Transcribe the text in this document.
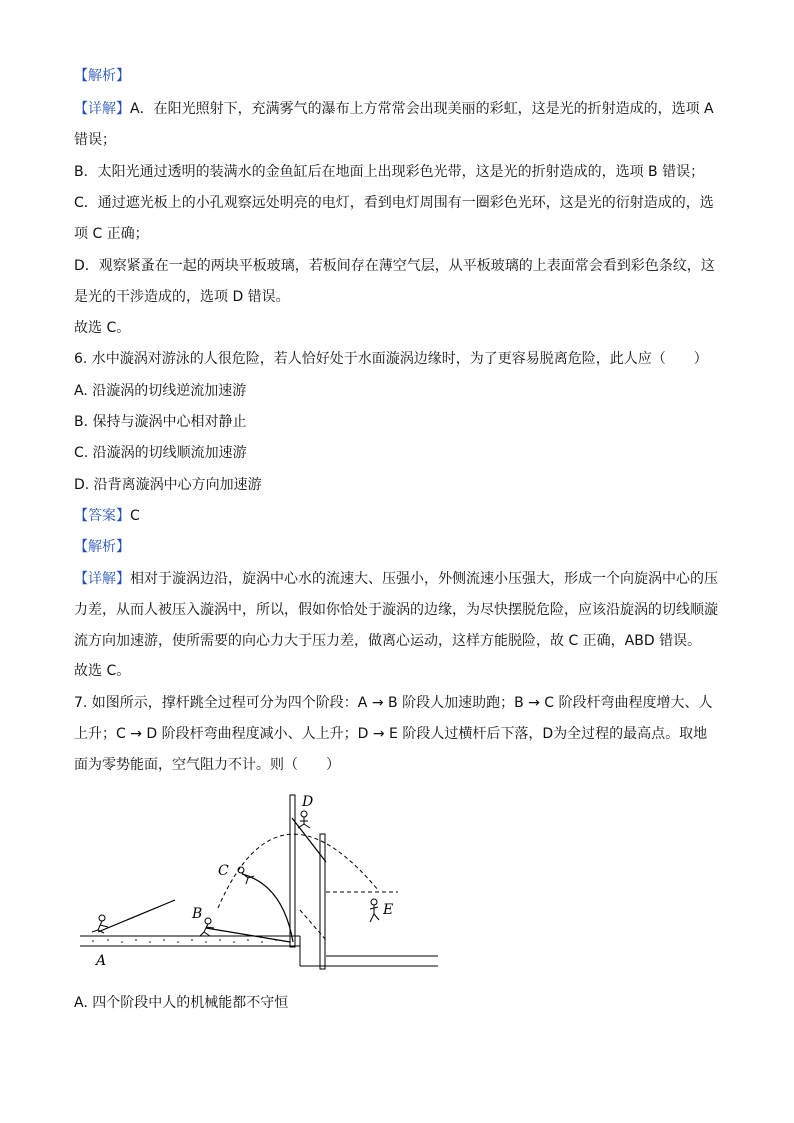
【解析】
【详解】A．在阳光照射下，充满雾气的瀑布上方常常会出现美丽的彩虹，这是光的折射造成的，选项 A
错误；
B．太阳光通过透明的装满水的金鱼缸后在地面上出现彩色光带，这是光的折射造成的，选项 B 错误；
C．通过遮光板上的小孔观察远处明亮的电灯，看到电灯周围有一圈彩色光环，这是光的衍射造成的，选
项 C 正确；
D．观察紧蚤在一起的两块平板玻璃，若板间存在薄空气层，从平板玻璃的上表面常会看到彩色条纹，这
是光的干涉造成的，选项 D 错误。
故选 C。
6. 水中漩涡对游泳的人很危险，若人恰好处于水面漩涡边缘时，为了更容易脱离危险，此人应（　　）
A. 沿漩涡的切线逆流加速游
B. 保持与漩涡中心相对静止
C. 沿漩涡的切线顺流加速游
D. 沿背离漩涡中心方向加速游
【答案】C
【解析】
【详解】相对于漩涡边沿，旋涡中心水的流速大、压强小，外侧流速小压强大，形成一个向旋涡中心的压
力差，从而人被压入漩涡中，所以，假如你恰处于漩涡的边缘，为尽快摆脱危险，应该沿旋涡的切线顺漩
流方向加速游，使所需要的向心力大于压力差，做离心运动，这样方能脱险，故 C 正确，ABD 错误。
故选 C。
7. 如图所示，撑杆跳全过程可分为四个阶段：A → B 阶段人加速助跑；B → C 阶段杆弯曲程度增大、人
上升；C → D 阶段杆弯曲程度减小、人上升；D → E 阶段人过横杆后下落，D为全过程的最高点。取地
面为零势能面，空气阻力不计。则（　　）
A. 四个阶段中人的机械能都不守恒
A
B
C
D
E
